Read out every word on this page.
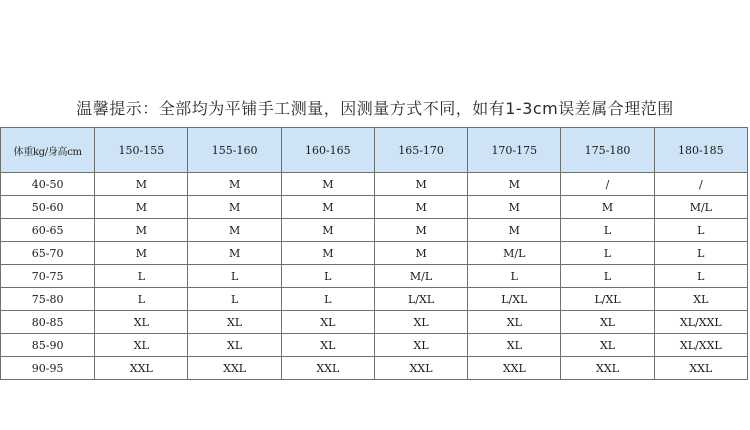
温馨提示：全部均为平铺手工测量，因测量方式不同，如有1-3cm误差属合理范围
体重kg/身高cm	150-155	155-160	160-165	165-170	170-175	175-180	180-185
40-50	M	M	M	M	M	/	/
50-60	M	M	M	M	M	M	M/L
60-65	M	M	M	M	M	L	L
65-70	M	M	M	M	M/L	L	L
70-75	L	L	L	M/L	L	L	L
75-80	L	L	L	L/XL	L/XL	L/XL	XL
80-85	XL	XL	XL	XL	XL	XL	XL/XXL
85-90	XL	XL	XL	XL	XL	XL	XL/XXL
90-95	XXL	XXL	XXL	XXL	XXL	XXL	XXL
